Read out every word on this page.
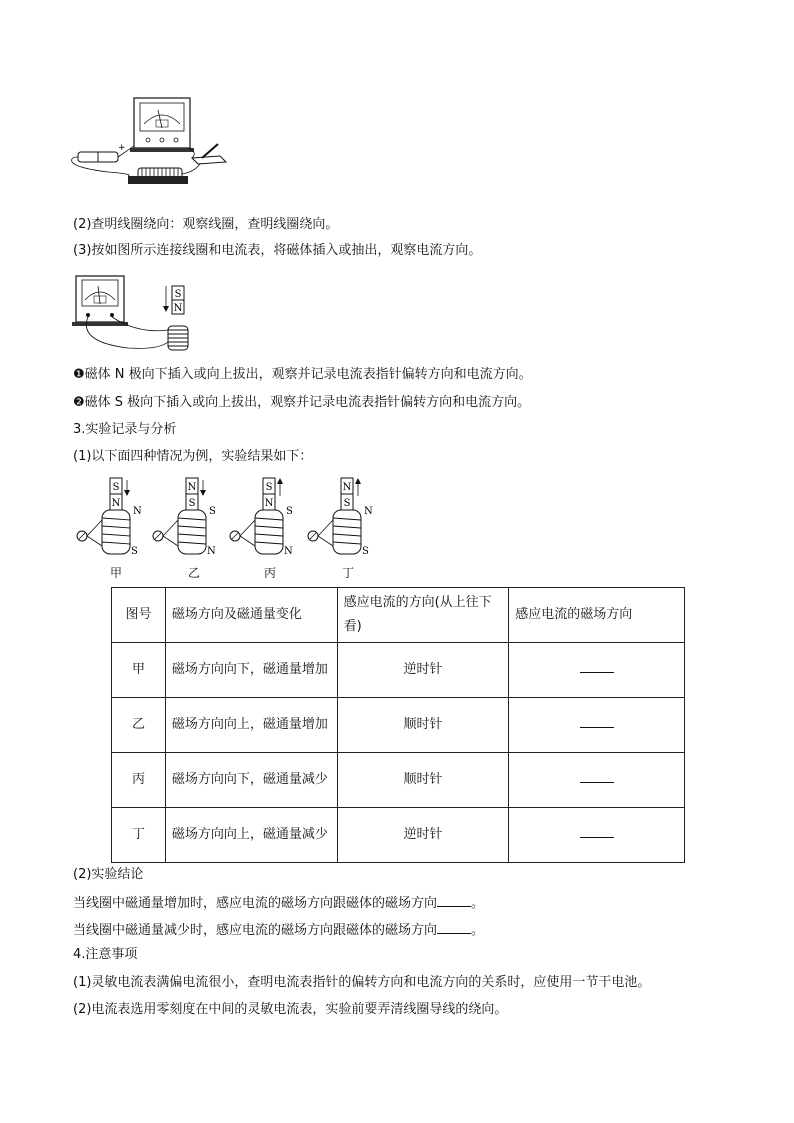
+
(2)查明线圈绕向：观察线圈，查明线圈绕向。
(3)按如图所示连接线圈和电流表，将磁体插入或抽出，观察电流方向。
S
N
❶磁体 N 极向下插入或向上拔出，观察并记录电流表指针偏转方向和电流方向。
❷磁体 S 极向下插入或向上拔出，观察并记录电流表指针偏转方向和电流方向。
3.实验记录与分析
(1)以下面四种情况为例，实验结果如下：
S
N
N
S
N
S
S
N
S
N
S
N
N
S
N
S
甲	乙	丙	丁
图号	磁场方向及磁通量变化	感应电流的方向(从上往下看)	感应电流的磁场方向
甲	磁场方向向下，磁通量增加	逆时针	
乙	磁场方向向上，磁通量增加	顺时针	
丙	磁场方向向下，磁通量减少	顺时针	
丁	磁场方向向上，磁通量减少	逆时针	
(2)实验结论
当线圈中磁通量增加时，感应电流的磁场方向跟磁体的磁场方向	。
当线圈中磁通量减少时，感应电流的磁场方向跟磁体的磁场方向	。
4.注意事项
(1)灵敏电流表满偏电流很小，查明电流表指针的偏转方向和电流方向的关系时，应使用一节干电池。
(2)电流表选用零刻度在中间的灵敏电流表，实验前要弄清线圈导线的绕向。
